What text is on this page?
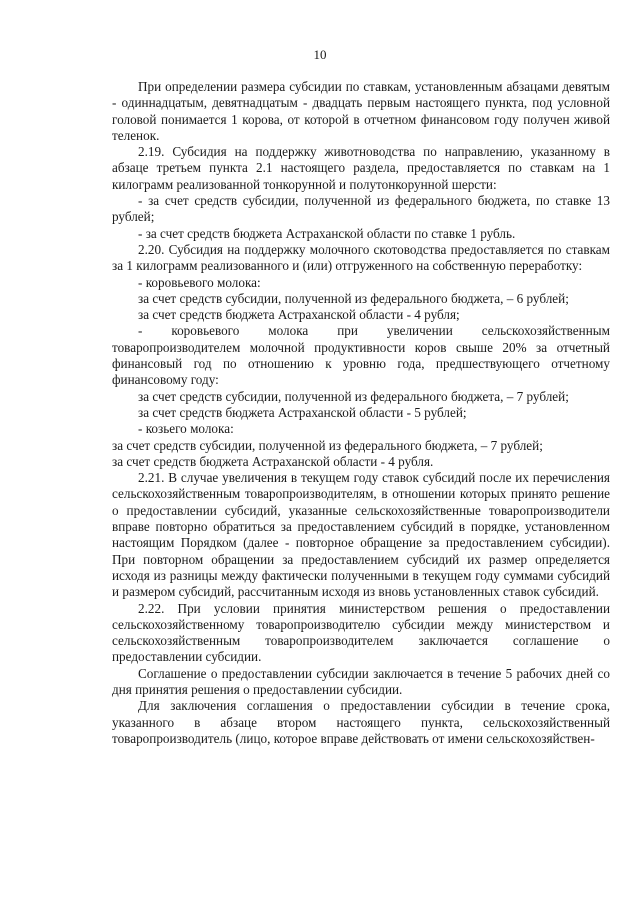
10

При определении размера субсидии по ставкам, установленным абзацами девятым - одиннадцатым, девятнадцатым - двадцать первым настоящего пункта, под условной головой понимается 1 корова, от которой в отчетном финансовом году получен живой теленок.

2.19. Субсидия на поддержку животноводства по направлению, указанному в абзаце третьем пункта 2.1 настоящего раздела, предоставляется по ставкам на 1 килограмм реализованной тонкорунной и полутонкорунной шерсти:

- за счет средств субсидии, полученной из федерального бюджета, по ставке 13 рублей;

- за счет средств бюджета Астраханской области по ставке 1 рубль.

2.20. Субсидия на поддержку молочного скотоводства предоставляется по ставкам за 1 килограмм реализованного и (или) отгруженного на собственную переработку:

- коровьевого молока:

за счет средств субсидии, полученной из федерального бюджета, – 6 рублей;

за счет средств бюджета Астраханской области - 4 рубля;

- коровьевого молока при увеличении сельскохозяйственным товаропроизводителем молочной продуктивности коров свыше 20% за отчетный финансовый год по отношению к уровню года, предшествующего отчетному финансовому году:

за счет средств субсидии, полученной из федерального бюджета, – 7 рублей;

за счет средств бюджета Астраханской области - 5 рублей;

- козьего молока:

за счет средств субсидии, полученной из федерального бюджета, – 7 рублей;

за счет средств бюджета Астраханской области - 4 рубля.

2.21. В случае увеличения в текущем году ставок субсидий после их перечисления сельскохозяйственным товаропроизводителям, в отношении которых принято решение о предоставлении субсидий, указанные сельскохозяйственные товаропроизводители вправе повторно обратиться за предоставлением субсидий в порядке, установленном настоящим Порядком (далее - повторное обращение за предоставлением субсидии). При повторном обращении за предоставлением субсидий их размер определяется исходя из разницы между фактически полученными в текущем году суммами субсидий и размером субсидий, рассчитанным исходя из вновь установленных ставок субсидий.

2.22. При условии принятия министерством решения о предоставлении сельскохозяйственному товаропроизводителю субсидии между министерством и сельскохозяйственным товаропроизводителем заключается соглашение о предоставлении субсидии.

Соглашение о предоставлении субсидии заключается в течение 5 рабочих дней со дня принятия решения о предоставлении субсидии.

Для заключения соглашения о предоставлении субсидии в течение срока, указанного в абзаце втором настоящего пункта, сельскохозяйственный товаропроизводитель (лицо, которое вправе действовать от имени сельскохозяйствен-
